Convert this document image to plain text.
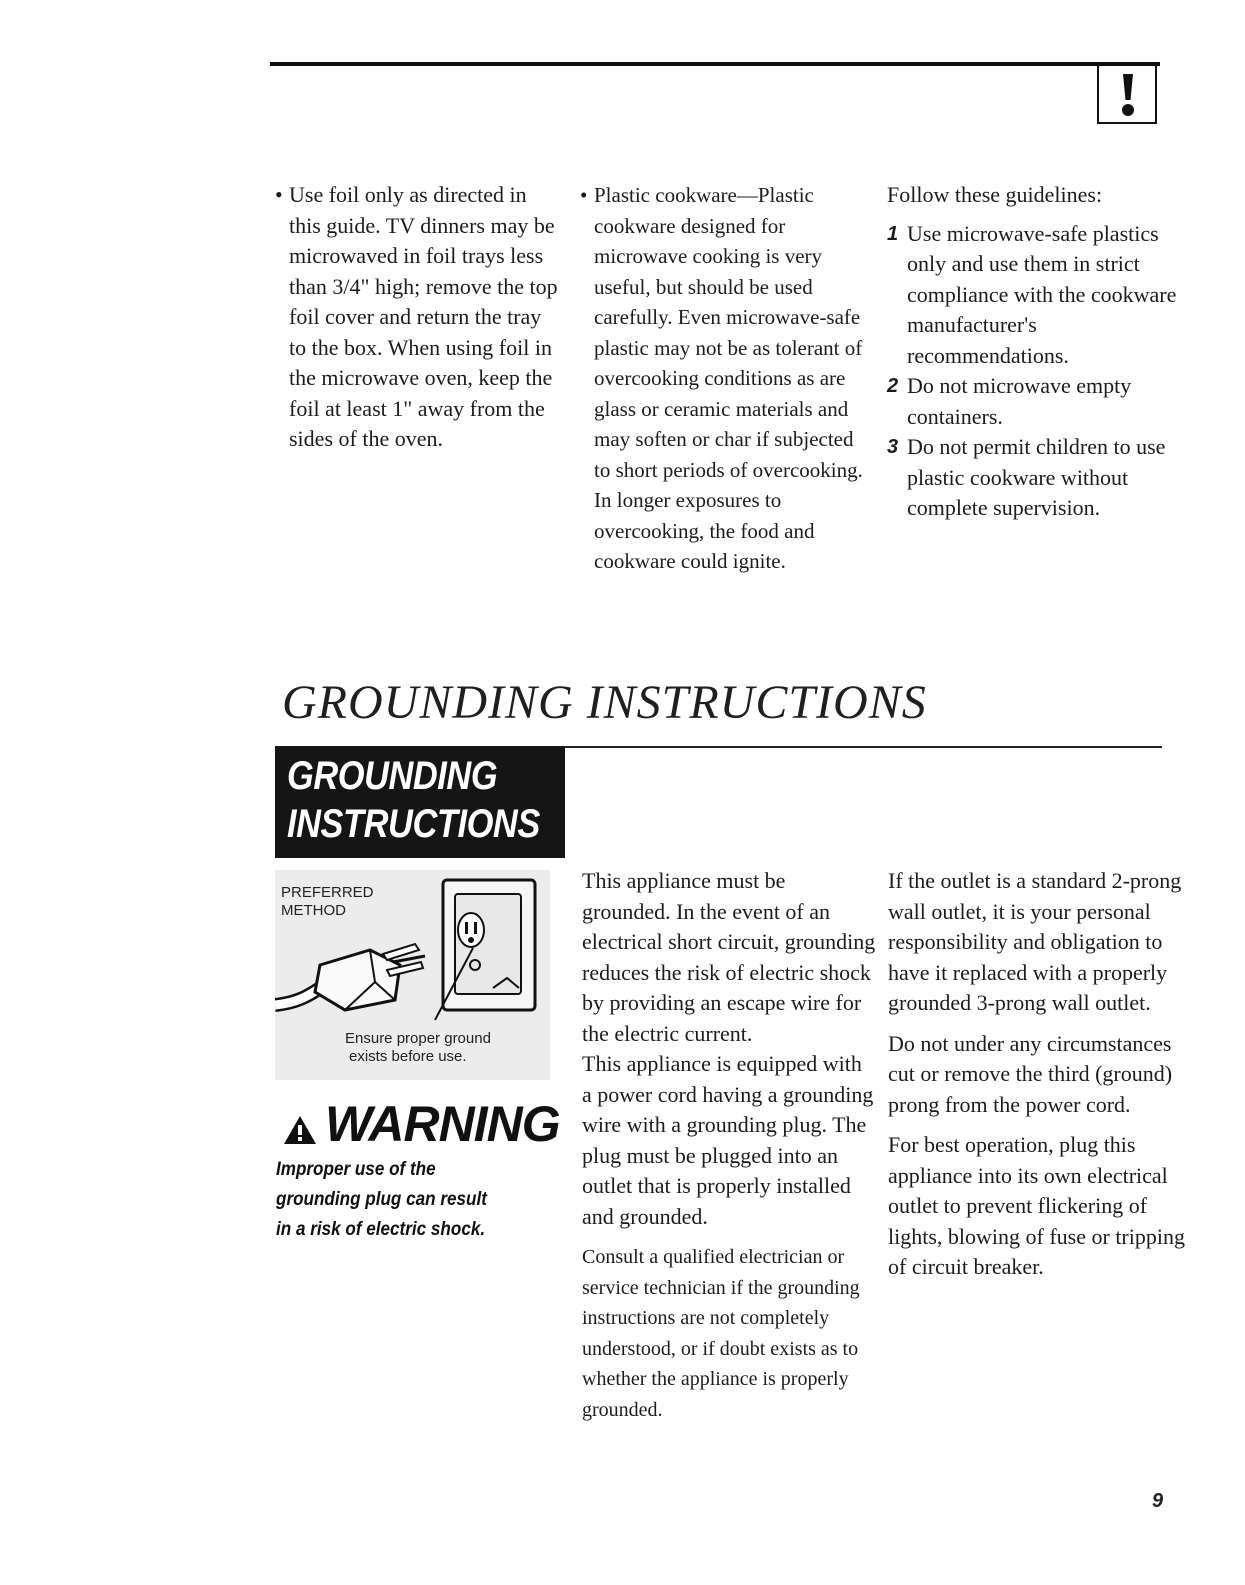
• Use foil only as directed in this guide. TV dinners may be microwaved in foil trays less than 3/4" high; remove the top foil cover and return the tray to the box. When using foil in the microwave oven, keep the foil at least 1" away from the sides of the oven.

• Plastic cookware—Plastic cookware designed for microwave cooking is very useful, but should be used carefully. Even microwave-safe plastic may not be as tolerant of overcooking conditions as are glass or ceramic materials and may soften or char if subjected to short periods of overcooking. In longer exposures to overcooking, the food and cookware could ignite.

Follow these guidelines:

1 Use microwave-safe plastics only and use them in strict compliance with the cookware manufacturer's recommendations.

2 Do not microwave empty containers.

3 Do not permit children to use plastic cookware without complete supervision.

GROUNDING INSTRUCTIONS
GROUNDING
INSTRUCTIONS
PREFERRED
METHOD
Ensure proper ground
exists before use.
WARNING
Improper use of the
grounding plug can result
in a risk of electric shock.

This appliance must be grounded. In the event of an electrical short circuit, grounding reduces the risk of electric shock by providing an escape wire for the electric current.

This appliance is equipped with a power cord having a grounding wire with a grounding plug. The plug must be plugged into an outlet that is properly installed and grounded.

Consult a qualified electrician or service technician if the grounding instructions are not completely understood, or if doubt exists as to whether the appliance is properly grounded.

If the outlet is a standard 2-prong wall outlet, it is your personal responsibility and obligation to have it replaced with a properly grounded 3-prong wall outlet.

Do not under any circumstances cut or remove the third (ground) prong from the power cord.

For best operation, plug this appliance into its own electrical outlet to prevent flickering of lights, blowing of fuse or tripping of circuit breaker.

9
